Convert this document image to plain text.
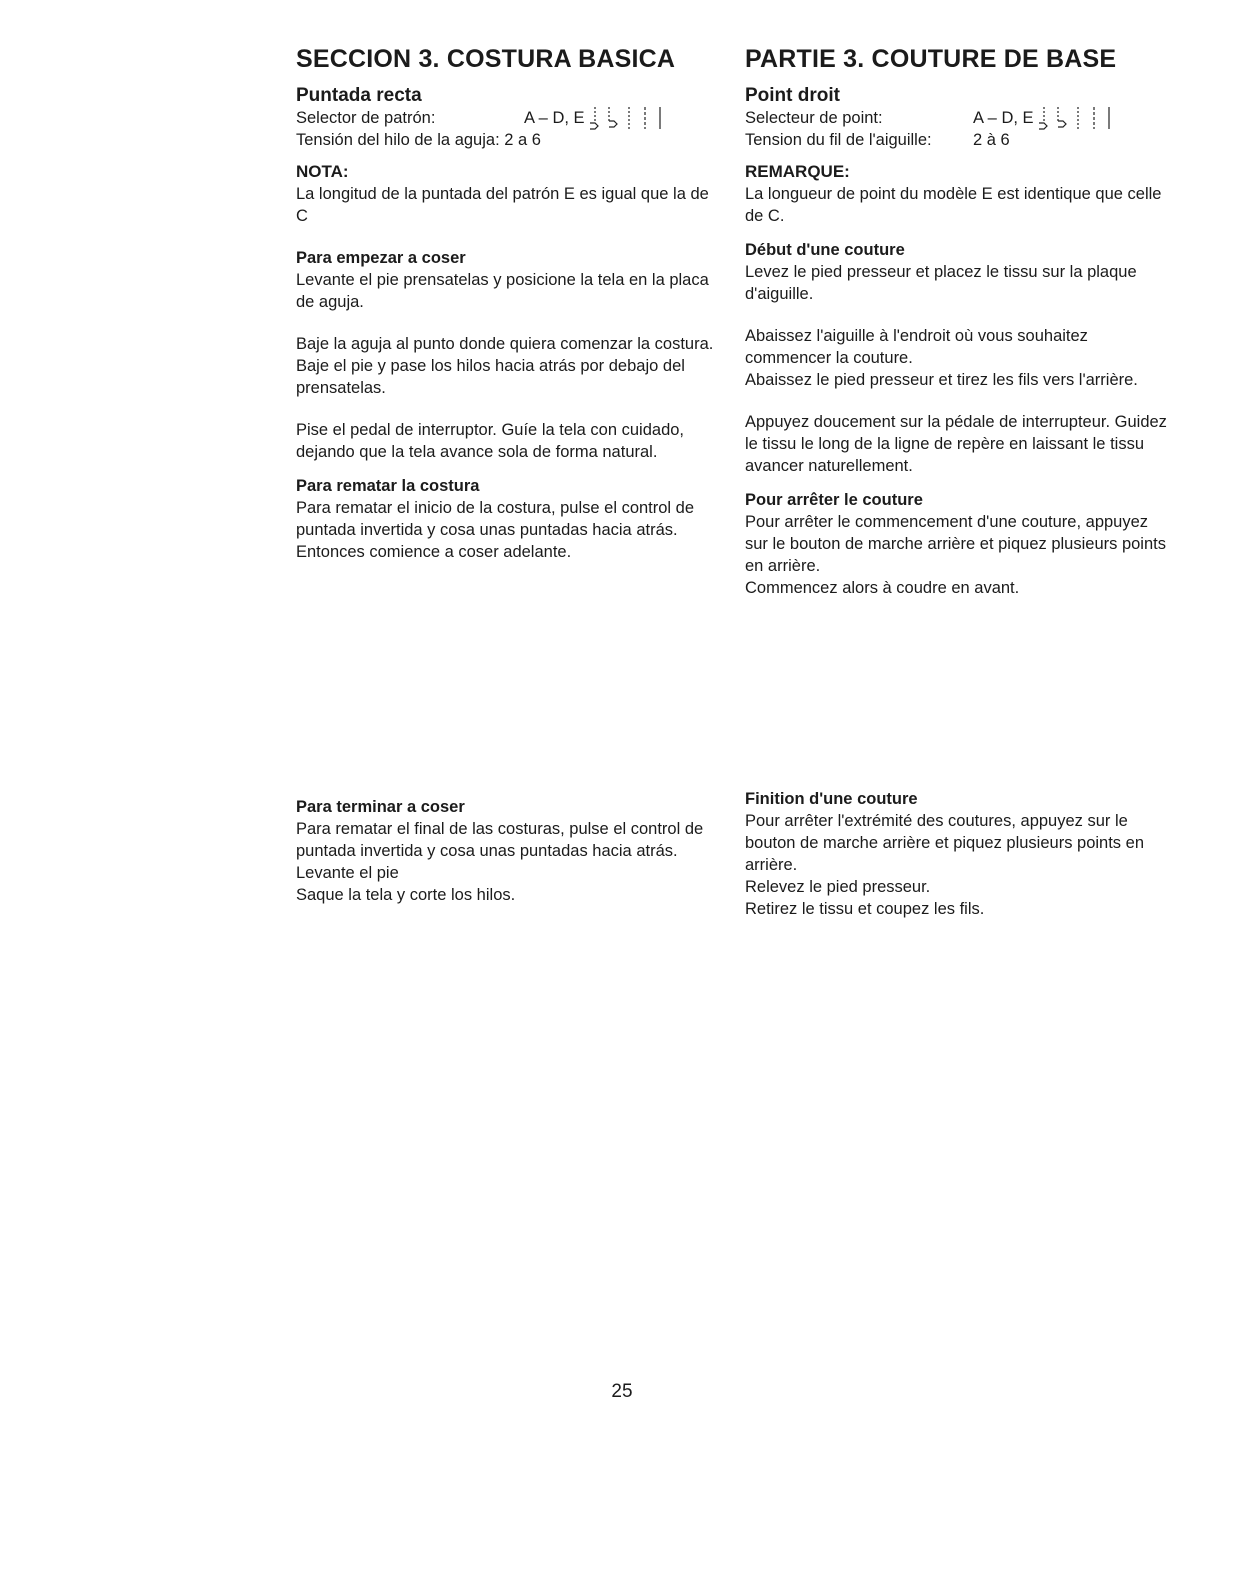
SECCION 3. COSTURA BASICA
Puntada recta
Selector de patrón:	A – D, E

Tensión del hilo de la aguja: 2 a 6

NOTA:

La longitud de la puntada del patrón E es igual que la de C

Para empezar a coser

Levante el pie prensatelas y posicione la tela en la placa de aguja.

Baje la aguja al punto donde quiera comenzar la costura.

Baje el pie y pase los hilos hacia atrás por debajo del prensatelas.

Pise el pedal de interruptor. Guíe la tela con cuidado, dejando que la tela avance sola de forma natural.

Para rematar la costura

Para rematar el inicio de la costura, pulse el control de puntada invertida y cosa unas puntadas hacia atrás.

Entonces comience a coser adelante.

PARTIE 3. COUTURE DE BASE
Point droit
Selecteur de point:	A – D, E
Tension du fil de l'aiguille:	2 à 6
REMARQUE:

La longueur de point du modèle E est identique que celle de C.

Début d'une couture

Levez le pied presseur et placez le tissu sur la plaque d'aiguille.

Abaissez l'aiguille à l'endroit où vous souhaitez commencer la couture.

Abaissez le pied presseur et tirez les fils vers l'arrière.

Appuyez doucement sur la pédale de interrupteur. Guidez le tissu le long de la ligne de repère en laissant le tissu avancer naturellement.

Pour arrêter le couture

Pour arrêter le commencement d'une couture, appuyez sur le bouton de marche arrière et piquez plusieurs points en arrière.

Commencez alors à coudre en avant.

Para terminar a coser

Para rematar el final de las costuras, pulse el control de puntada invertida y cosa unas puntadas hacia atrás.

Levante el pie

Saque la tela y corte los hilos.

Finition d'une couture

Pour arrêter l'extrémité des coutures, appuyez sur le bouton de marche arrière et piquez plusieurs points en arrière.

Relevez le pied presseur.

Retirez le tissu et coupez les fils.

25
